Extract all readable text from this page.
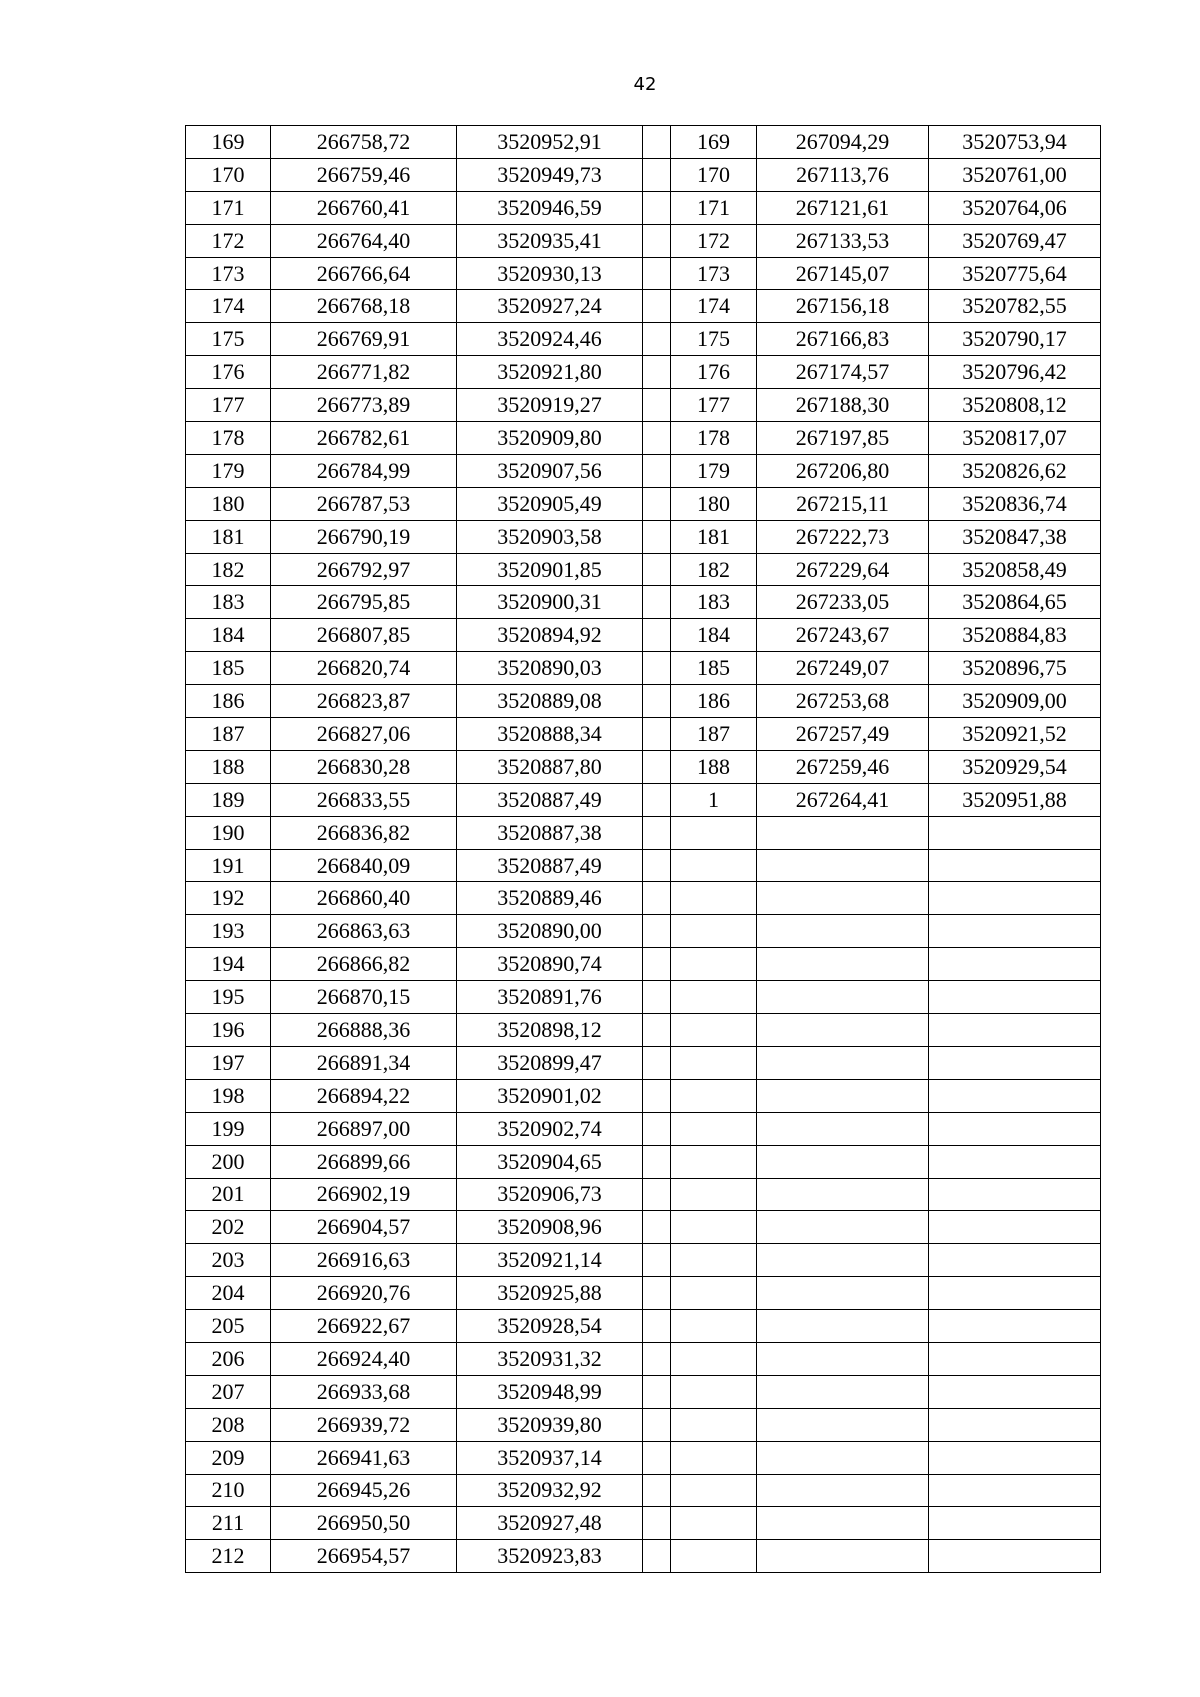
42
169	266758,72	3520952,91		169	267094,29	3520753,94
170	266759,46	3520949,73		170	267113,76	3520761,00
171	266760,41	3520946,59		171	267121,61	3520764,06
172	266764,40	3520935,41		172	267133,53	3520769,47
173	266766,64	3520930,13		173	267145,07	3520775,64
174	266768,18	3520927,24		174	267156,18	3520782,55
175	266769,91	3520924,46		175	267166,83	3520790,17
176	266771,82	3520921,80		176	267174,57	3520796,42
177	266773,89	3520919,27		177	267188,30	3520808,12
178	266782,61	3520909,80		178	267197,85	3520817,07
179	266784,99	3520907,56		179	267206,80	3520826,62
180	266787,53	3520905,49		180	267215,11	3520836,74
181	266790,19	3520903,58		181	267222,73	3520847,38
182	266792,97	3520901,85		182	267229,64	3520858,49
183	266795,85	3520900,31		183	267233,05	3520864,65
184	266807,85	3520894,92		184	267243,67	3520884,83
185	266820,74	3520890,03		185	267249,07	3520896,75
186	266823,87	3520889,08		186	267253,68	3520909,00
187	266827,06	3520888,34		187	267257,49	3520921,52
188	266830,28	3520887,80		188	267259,46	3520929,54
189	266833,55	3520887,49		1	267264,41	3520951,88
190	266836,82	3520887,38				
191	266840,09	3520887,49				
192	266860,40	3520889,46				
193	266863,63	3520890,00				
194	266866,82	3520890,74				
195	266870,15	3520891,76				
196	266888,36	3520898,12				
197	266891,34	3520899,47				
198	266894,22	3520901,02				
199	266897,00	3520902,74				
200	266899,66	3520904,65				
201	266902,19	3520906,73				
202	266904,57	3520908,96				
203	266916,63	3520921,14				
204	266920,76	3520925,88				
205	266922,67	3520928,54				
206	266924,40	3520931,32				
207	266933,68	3520948,99				
208	266939,72	3520939,80				
209	266941,63	3520937,14				
210	266945,26	3520932,92				
211	266950,50	3520927,48				
212	266954,57	3520923,83				
